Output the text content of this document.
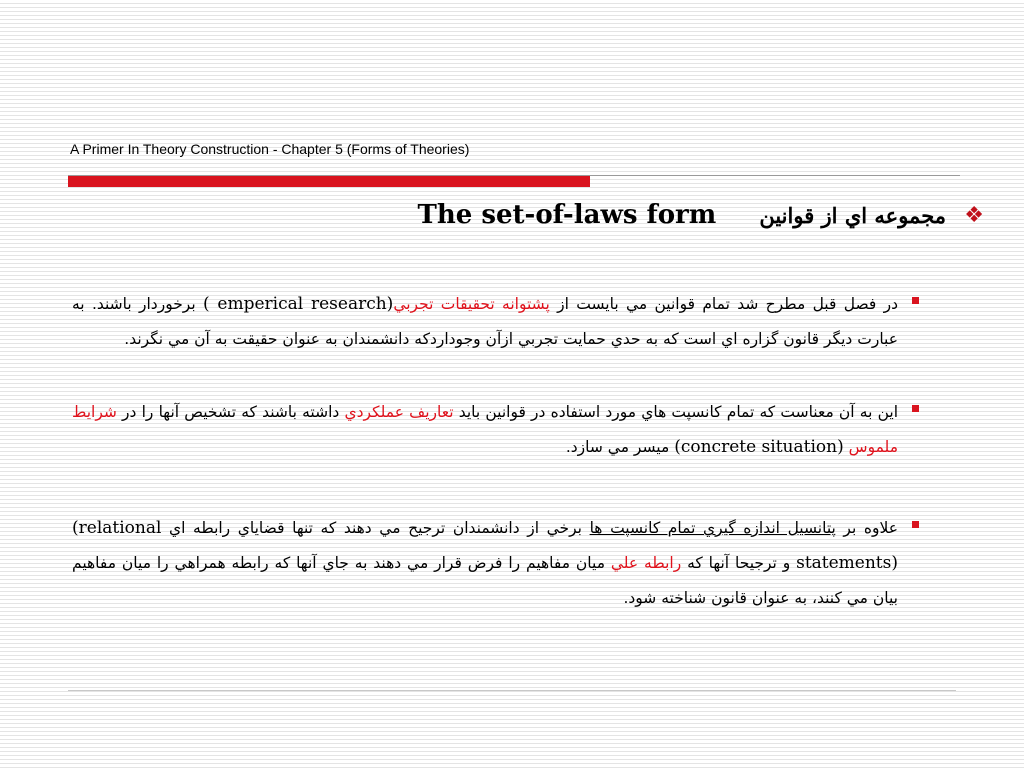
A Primer In Theory Construction - Chapter 5 (Forms of Theories)
❖
مجموعه اي از قوانين The set-of-laws form
در فصل قبل مطرح شد تمام قوانين مي بايست از پشتوانه تحقيقات تجربي( emperical research) برخوردار باشند. به عبارت ديگر قانون گزاره اي است كه به حدي حمايت تجربي ازآن وجوداردكه دانشمندان به عنوان حقيقت به آن مي نگرند.
اين به آن معناست كه تمام كانسپت هاي مورد استفاده در قوانين بايد تعاريف عملكردي داشته باشند كه تشخيص آنها را در شرايط ملموس (concrete situation) ميسر مي سازد.
علاوه بر پتانسيل اندازه گيري تمام كانسپت ها برخي از دانشمندان ترجيح مي دهند كه تنها قضاياي رابطه اي (relational statements) و ترجيحا آنها كه رابطه علي ميان مفاهيم را فرض قرار مي دهند به جاي آنها كه رابطه همراهي را ميان مفاهيم بيان مي كنند، به عنوان قانون شناخته شود.
